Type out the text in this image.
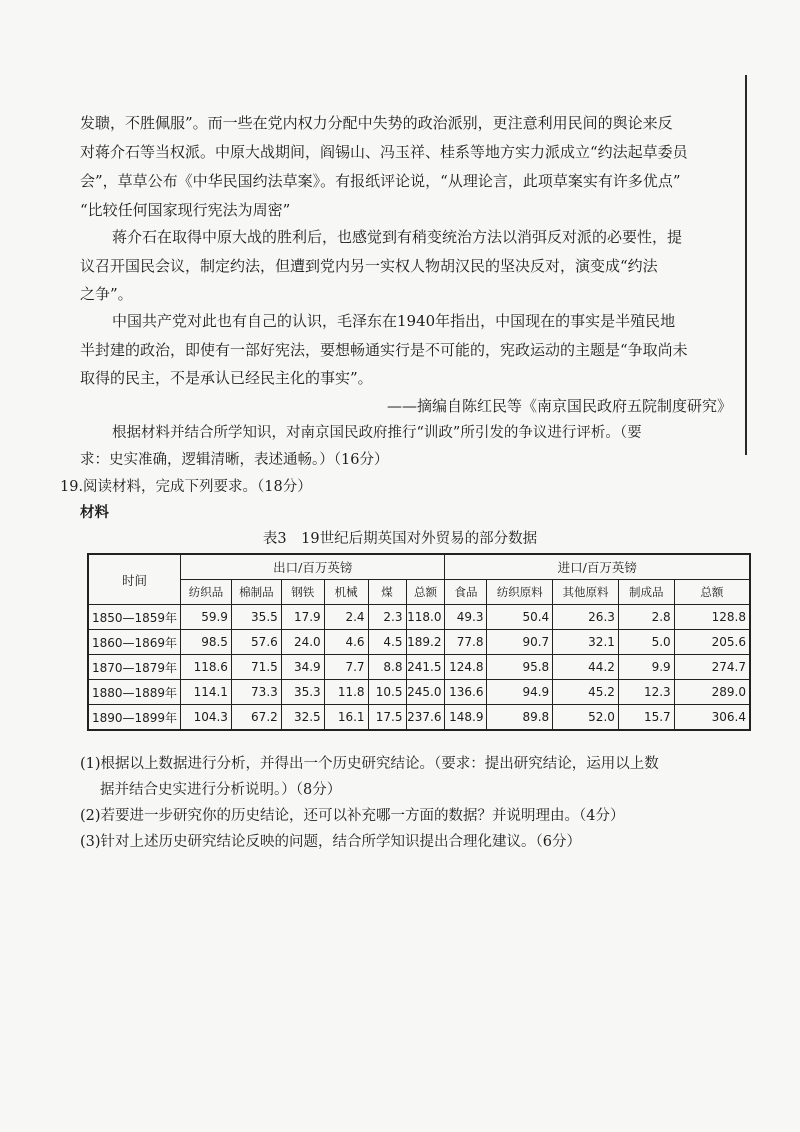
发聩，不胜佩服”。而一些在党内权力分配中失势的政治派别，更注意利用民间的舆论来反
对蒋介石等当权派。中原大战期间，阎锡山、冯玉祥、桂系等地方实力派成立“约法起草委员
会”，草草公布《中华民国约法草案》。有报纸评论说，“从理论言，此项草案实有许多优点”
“比较任何国家现行宪法为周密”
蒋介石在取得中原大战的胜利后，也感觉到有稍变统治方法以消弭反对派的必要性，提
议召开国民会议，制定约法，但遭到党内另一实权人物胡汉民的坚决反对，演变成“约法
之争”。
中国共产党对此也有自己的认识，毛泽东在1940年指出，中国现在的事实是半殖民地
半封建的政治，即使有一部好宪法，要想畅通实行是不可能的，宪政运动的主题是“争取尚未
取得的民主，不是承认已经民主化的事实”。
——摘编自陈红民等《南京国民政府五院制度研究》
根据材料并结合所学知识，对南京国民政府推行“训政”所引发的争议进行评析。（要
求：史实准确，逻辑清晰，表述通畅。）（16分）
19.阅读材料，完成下列要求。（18分）
材料
表3　19世纪后期英国对外贸易的部分数据
时间	出口/百万英镑						进口/百万英镑				
	纺织品	棉制品	钢铁	机械	煤	总额	食品	纺织原料	其他原料	制成品	总额
1850—1859年	59.9	35.5	17.9	2.4	2.3	118.0	49.3	50.4	26.3	2.8	128.8
1860—1869年	98.5	57.6	24.0	4.6	4.5	189.2	77.8	90.7	32.1	5.0	205.6
1870—1879年	118.6	71.5	34.9	7.7	8.8	241.5	124.8	95.8	44.2	9.9	274.7
1880—1889年	114.1	73.3	35.3	11.8	10.5	245.0	136.6	94.9	45.2	12.3	289.0
1890—1899年	104.3	67.2	32.5	16.1	17.5	237.6	148.9	89.8	52.0	15.7	306.4
(1)根据以上数据进行分析，并得出一个历史研究结论。（要求：提出研究结论，运用以上数
据并结合史实进行分析说明。）（8分）
(2)若要进一步研究你的历史结论，还可以补充哪一方面的数据？并说明理由。（4分）
(3)针对上述历史研究结论反映的问题，结合所学知识提出合理化建议。（6分）
